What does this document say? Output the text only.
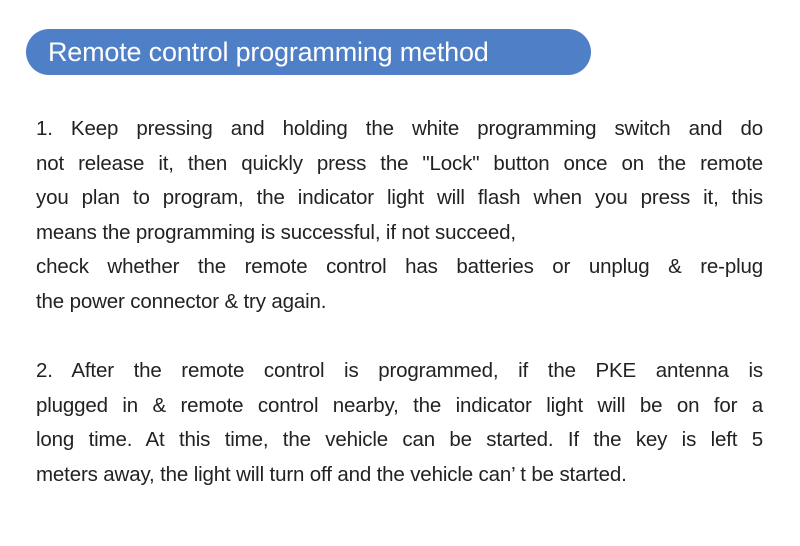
Remote control programming method

1. Keep pressing and holding the white programming switch and do
not release it, then quickly press the "Lock" button once on the remote
you plan to program, the indicator light will flash when you press it, this
means the programming is successful, if not succeed,
check whether the remote control has batteries or unplug & re-plug
the power connector & try again.

2. After the remote control is programmed, if the PKE antenna is
plugged in & remote control nearby, the indicator light will be on for a
long time. At this time, the vehicle can be started. If the key is left 5
meters away, the light will turn off and the vehicle can’ t be started.
